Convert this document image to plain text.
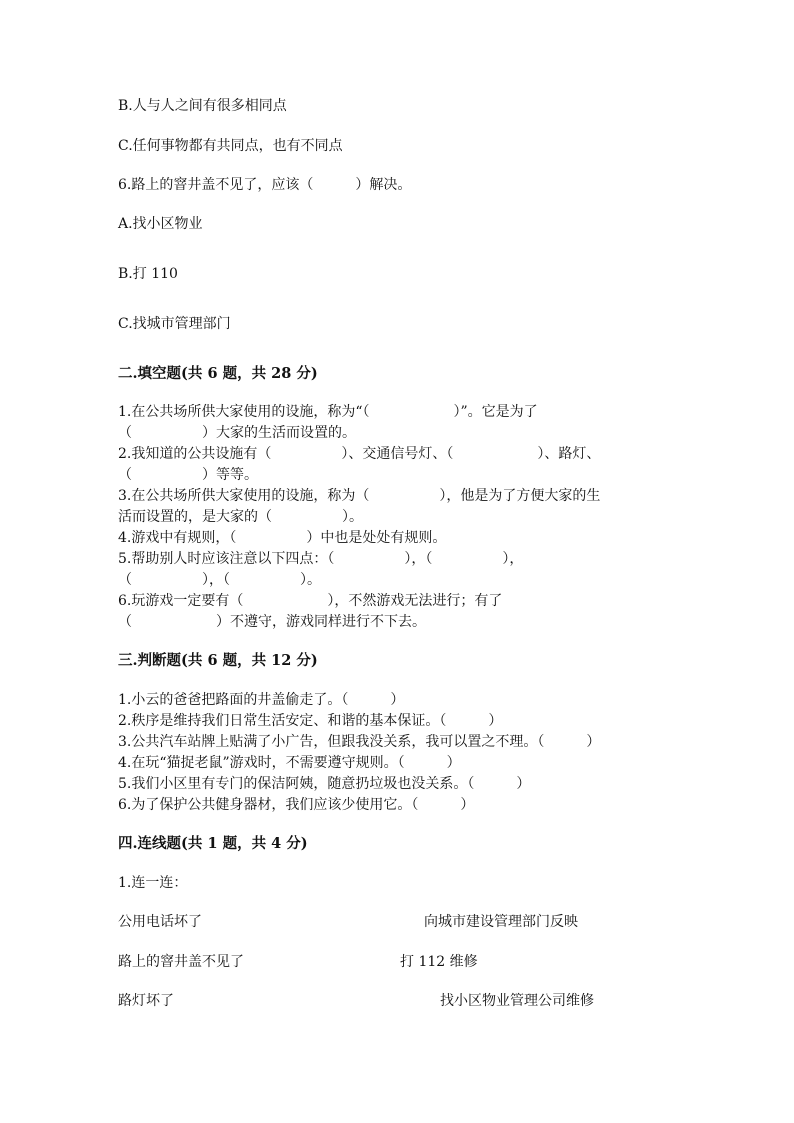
B.人与人之间有很多相同点
C.任何事物都有共同点，也有不同点
6.路上的窨井盖不见了，应该（　　　）解决。
A.找小区物业
B.打 110
C.找城市管理部门
二.填空题(共 6 题，共 28 分)
1.在公共场所供大家使用的设施，称为“（　　　　　　）”。它是为了
（　　　　　）大家的生活而设置的。
2.我知道的公共设施有（　　　　　）、交通信号灯、（　　　　　　）、路灯、
（　　　　　）等等。
3.在公共场所供大家使用的设施，称为（　　　　　），他是为了方便大家的生
活而设置的，是大家的（　　　　　）。
4.游戏中有规则，（　　　　　）中也是处处有规则。
5.帮助别人时应该注意以下四点：（　　　　　），（　　　　　），
（　　　　　），（　　　　　）。
6.玩游戏一定要有（　　　　　　），不然游戏无法进行；有了
（　　　　　　）不遵守，游戏同样进行不下去。
三.判断题(共 6 题，共 12 分)
1.小云的爸爸把路面的井盖偷走了。（　　　）
2.秩序是维持我们日常生活安定、和谐的基本保证。（　　　）
3.公共汽车站牌上贴满了小广告，但跟我没关系，我可以置之不理。（　　　）
4.在玩“猫捉老鼠”游戏时，不需要遵守规则。（　　　）
5.我们小区里有专门的保洁阿姨，随意扔垃圾也没关系。（　　　）
6.为了保护公共健身器材，我们应该少使用它。（　　　）
四.连线题(共 1 题，共 4 分)
1.连一连：
公用电话坏了	向城市建设管理部门反映
路上的窨井盖不见了	打 112 维修
路灯坏了	找小区物业管理公司维修
